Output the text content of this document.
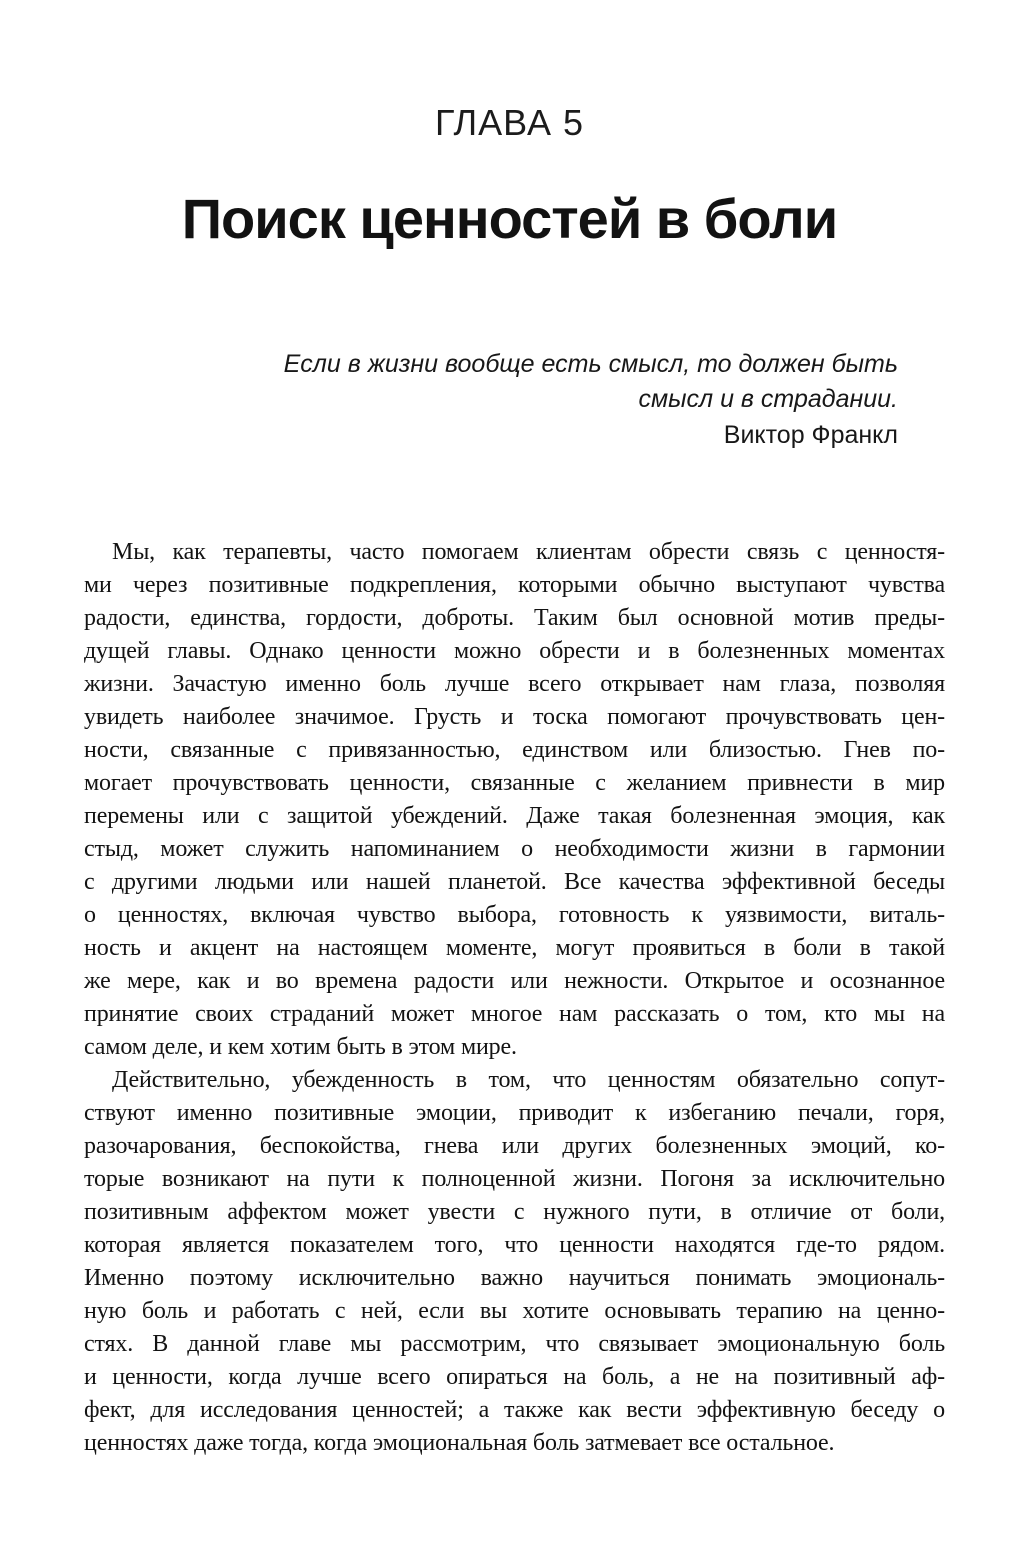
ГЛАВА 5
Поиск ценностей в боли
Если в жизни вообще есть смысл, то должен быть
смысл и в страдании.
Виктор Франкл
Мы, как терапевты, часто помогаем клиентам обрести связь с ценностя-
ми через позитивные подкрепления, которыми обычно выступают чувства
радости, единства, гордости, доброты. Таким был основной мотив преды-
дущей главы. Однако ценности можно обрести и в болезненных моментах
жизни. Зачастую именно боль лучше всего открывает нам глаза, позволяя
увидеть наиболее значимое. Грусть и тоска помогают прочувствовать цен-
ности, связанные с привязанностью, единством или близостью. Гнев по-
могает прочувствовать ценности, связанные с желанием привнести в мир
перемены или с защитой убеждений. Даже такая болезненная эмоция, как
стыд, может служить напоминанием о необходимости жизни в гармонии
с другими людьми или нашей планетой. Все качества эффективной беседы
о ценностях, включая чувство выбора, готовность к уязвимости, виталь-
ность и акцент на настоящем моменте, могут проявиться в боли в такой
же мере, как и во времена радости или нежности. Открытое и осознанное
принятие своих страданий может многое нам рассказать о том, кто мы на
самом деле, и кем хотим быть в этом мире.
Действительно, убежденность в том, что ценностям обязательно сопут-
ствуют именно позитивные эмоции, приводит к избеганию печали, горя,
разочарования, беспокойства, гнева или других болезненных эмоций, ко-
торые возникают на пути к полноценной жизни. Погоня за исключительно
позитивным аффектом может увести с нужного пути, в отличие от боли,
которая является показателем того, что ценности находятся где-то рядом.
Именно поэтому исключительно важно научиться понимать эмоциональ-
ную боль и работать с ней, если вы хотите основывать терапию на ценно-
стях. В данной главе мы рассмотрим, что связывает эмоциональную боль
и ценности, когда лучше всего опираться на боль, а не на позитивный аф-
фект, для исследования ценностей; а также как вести эффективную беседу о
ценностях даже тогда, когда эмоциональная боль затмевает все остальное.
